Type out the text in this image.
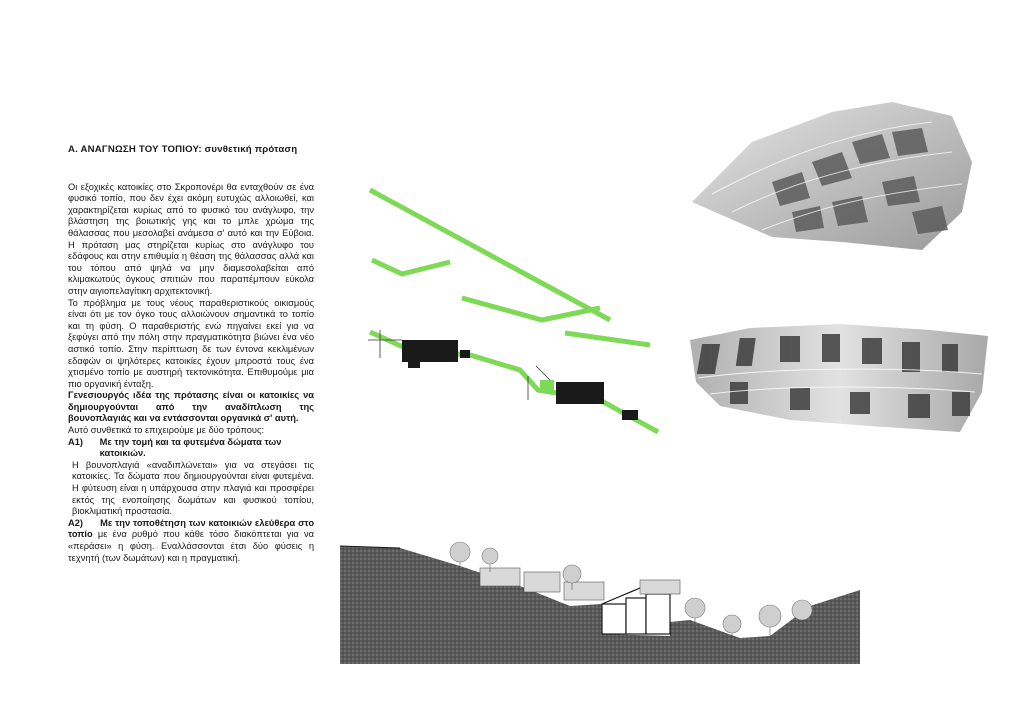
Α. ΑΝΑΓΝΩΣΗ ΤΟΥ ΤΟΠΙΟΥ: συνθετική πρόταση

Οι εξοχικές κατοικίες στο Σκροπονέρι θα ενταχθούν σε ένα φυσικό τοπίο, που δεν έχει ακόμη ευτυχώς αλλοιωθεί, και χαρακτηρίζεται κυρίως από το φυσικό του ανάγλυφο, την βλάστηση της βοιωτικής γης και το μπλε χρώμα της θάλασσας που μεσολαβεί ανάμεσα σ' αυτό και την Εύβοια. Η πρόταση μας στηρίζεται κυρίως στο ανάγλυφο του εδάφους και στην επιθυμία η θέαση της θάλασσας αλλά και του τόπου από ψηλά να μην διαμεσολαβείται από κλιμακωτούς όγκους σπιτιών που παραπέμπουν εύκολα στην αιγιοπελαγίτικη αρχιτεκτονική.

Το πρόβλημα με τους νέους παραθεριστικούς οικισμούς είναι ότι με τον όγκο τους αλλοιώνουν σημαντικά το τοπίο και τη φύση. Ο παραθεριστής ενώ πηγαίνει εκεί για να ξεφύγει από την πόλη στην πραγματικότητα βιώνει ένα νέο αστικό τοπίο. Στην περίπτωση δε των έντονα κεκλιμένων εδαφών οι ψηλότερες κατοικίες έχουν μπροστά τους ένα χτισμένο τοπίο με αυστηρή τεκτονικότητα. Επιθυμούμε μια πιο οργανική ένταξη.

Γενεσιουργός ιδέα της πρότασης είναι οι κατοικίες να δημιουργούνται από την αναδίπλωση της βουνοπλαγιάς και να εντάσσονται οργανικά σ' αυτή.

Αυτό συνθετικά το επιχειρούμε με δύο τρόπους:

Α1)	Με την τομή και τα φυτεμένα δώματα των κατοικιών.

Η βουνοπλαγιά «αναδιπλώνεται» για να στεγάσει τις κατοικίες. Τα δώματα που δημιουργούνται είναι φυτεμένα. Η φύτευση είναι η υπάρχουσα στην πλαγιά και προσφέρει εκτός της ενοποίησης δωμάτων και φυσικού τοπίου, βιοκλιματική προστασία.

Α2) Με την τοποθέτηση των κατοικιών ελεύθερα στο τοπίο με ένα ρυθμό που κάθε τόσο διακόπτεται για να «περάσει» η φύση. Εναλλάσσονται έτσι δύο φύσεις η τεχνητή (των δωμάτων) και η πραγματική.
